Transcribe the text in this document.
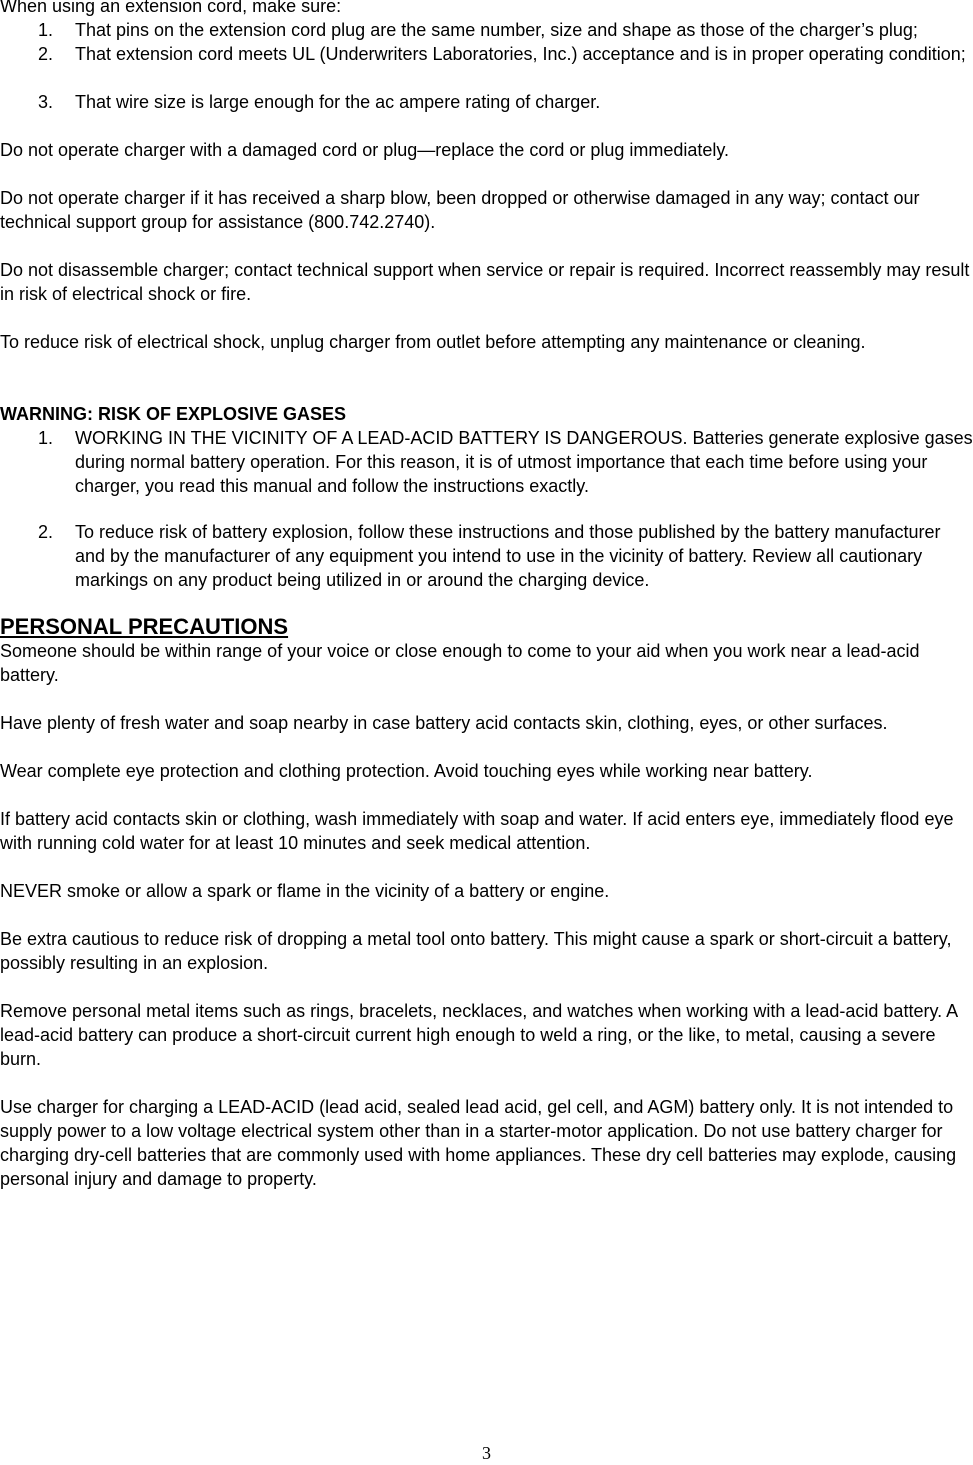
When using an extension cord, make sure:

1. That pins on the extension cord plug are the same number, size and shape as those of the charger’s plug;
2. That extension cord meets UL (Underwriters Laboratories, Inc.) acceptance and is in proper operating condition;
3. That wire size is large enough for the ac ampere rating of charger.

Do not operate charger with a damaged cord or plug—replace the cord or plug immediately.

Do not operate charger if it has received a sharp blow, been dropped or otherwise damaged in any way; contact our technical support group for assistance (800.742.2740).

Do not disassemble charger; contact technical support when service or repair is required. Incorrect reassembly may result in risk of electrical shock or fire.

To reduce risk of electrical shock, unplug charger from outlet before attempting any maintenance or cleaning.

WARNING: RISK OF EXPLOSIVE GASES

1. WORKING IN THE VICINITY OF A LEAD-ACID BATTERY IS DANGEROUS. Batteries generate explosive gases during normal battery operation. For this reason, it is of utmost importance that each time before using your charger, you read this manual and follow the instructions exactly.
2. To reduce risk of battery explosion, follow these instructions and those published by the battery manufacturer and by the manufacturer of any equipment you intend to use in the vicinity of battery. Review all cautionary markings on any product being utilized in or around the charging device.

PERSONAL PRECAUTIONS

Someone should be within range of your voice or close enough to come to your aid when you work near a lead-acid battery.

Have plenty of fresh water and soap nearby in case battery acid contacts skin, clothing, eyes, or other surfaces.

Wear complete eye protection and clothing protection. Avoid touching eyes while working near battery.

If battery acid contacts skin or clothing, wash immediately with soap and water. If acid enters eye, immediately flood eye with running cold water for at least 10 minutes and seek medical attention.

NEVER smoke or allow a spark or flame in the vicinity of a battery or engine.

Be extra cautious to reduce risk of dropping a metal tool onto battery. This might cause a spark or short-circuit a battery, possibly resulting in an explosion.

Remove personal metal items such as rings, bracelets, necklaces, and watches when working with a lead-acid battery. A lead-acid battery can produce a short-circuit current high enough to weld a ring, or the like, to metal, causing a severe burn.

Use charger for charging a LEAD-ACID (lead acid, sealed lead acid, gel cell, and AGM) battery only. It is not intended to supply power to a low voltage electrical system other than in a starter-motor application. Do not use battery charger for charging dry-cell batteries that are commonly used with home appliances. These dry cell batteries may explode, causing personal injury and damage to property.

3
